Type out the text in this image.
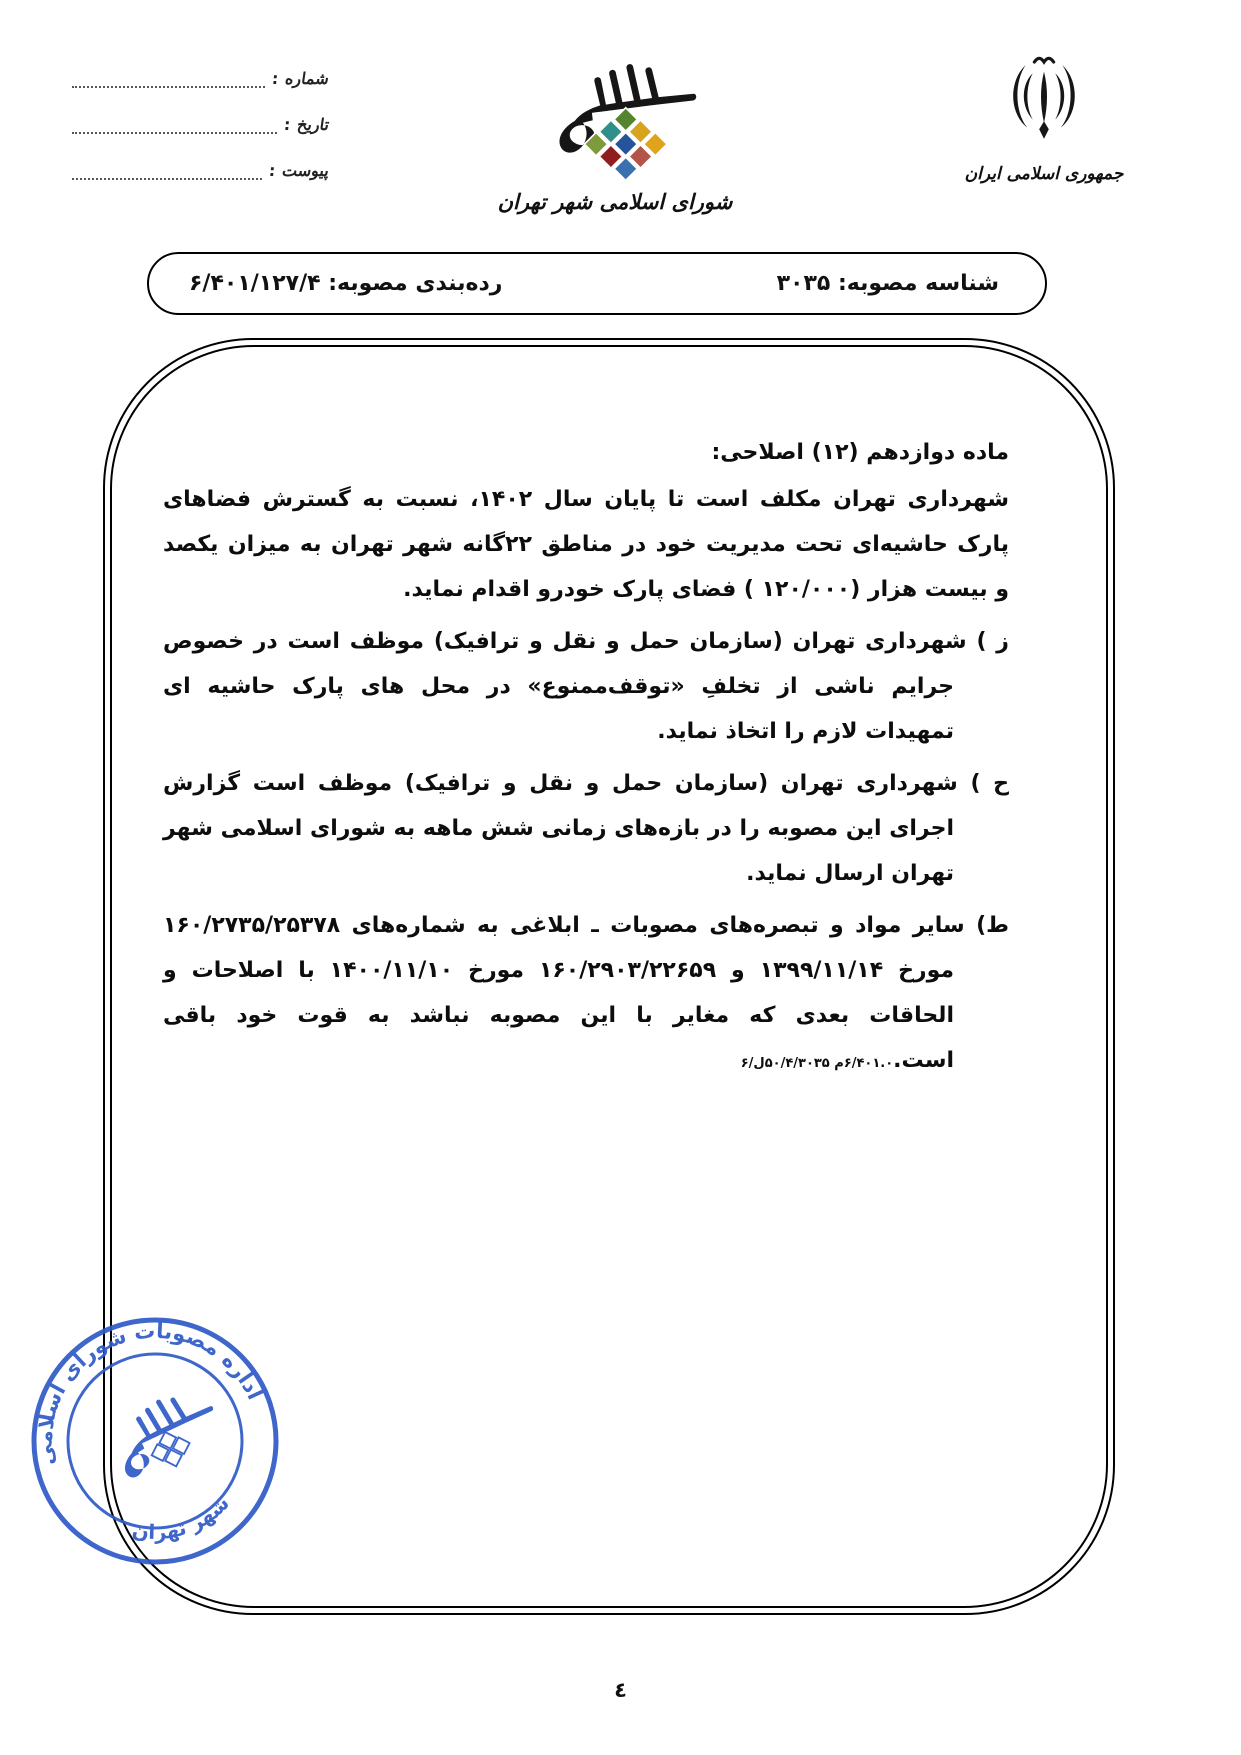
شماره :
تاريخ :
پيوست :
شورای اسلامی شهر تهران
جمهوری اسلامی ایران
شناسه مصوبه: ۳۰۳۵
رده‌بندی مصوبه: ۶/۴۰۱/۱۲۷/۴
ماده دوازدهم (۱۲) اصلاحی:

شهرداری تهران مکلف است تا پایان سال ۱۴۰۲، نسبت به گسترش فضاهای پارک حاشیه‌ای تحت مدیریت خود در مناطق ۲۲گانه شهر تهران به میزان یکصد و بیست هزار (۱۲۰/۰۰۰ ) فضای پارک خودرو اقدام نماید.

ز ) شهرداری تهران (سازمان حمل و نقل و ترافیک) موظف است در خصوص جرایم ناشی از تخلفِ «توقف‌ممنوع» در محل های پارک حاشیه ای تمهیدات لازم را اتخاذ نماید.

ح ) شهرداری تهران (سازمان حمل و نقل و ترافیک) موظف است گزارش اجرای این مصوبه را در بازه‌های زمانی شش ماهه به شورای اسلامی شهر تهران ارسال نماید.

ط) سایر مواد و تبصره‌های مصوبات ـ ابلاغی به شماره‌های ۱۶۰/۲۷۳۵/۲۵۳۷۸ مورخ ۱۳۹۹/۱۱/۱۴ و ۱۶۰/۲۹۰۳/۲۲۶۵۹ مورخ ۱۴۰۰/۱۱/۱۰ با اصلاحات و الحاقات بعدی که مغایر با این مصوبه نباشد به قوت خود باقی است.۶/۴۰۱.۰م ۵۰/۴/۳۰۳۵ل/۶

اداره مصوبات شورای اسلامی
شهر تهران
٤
